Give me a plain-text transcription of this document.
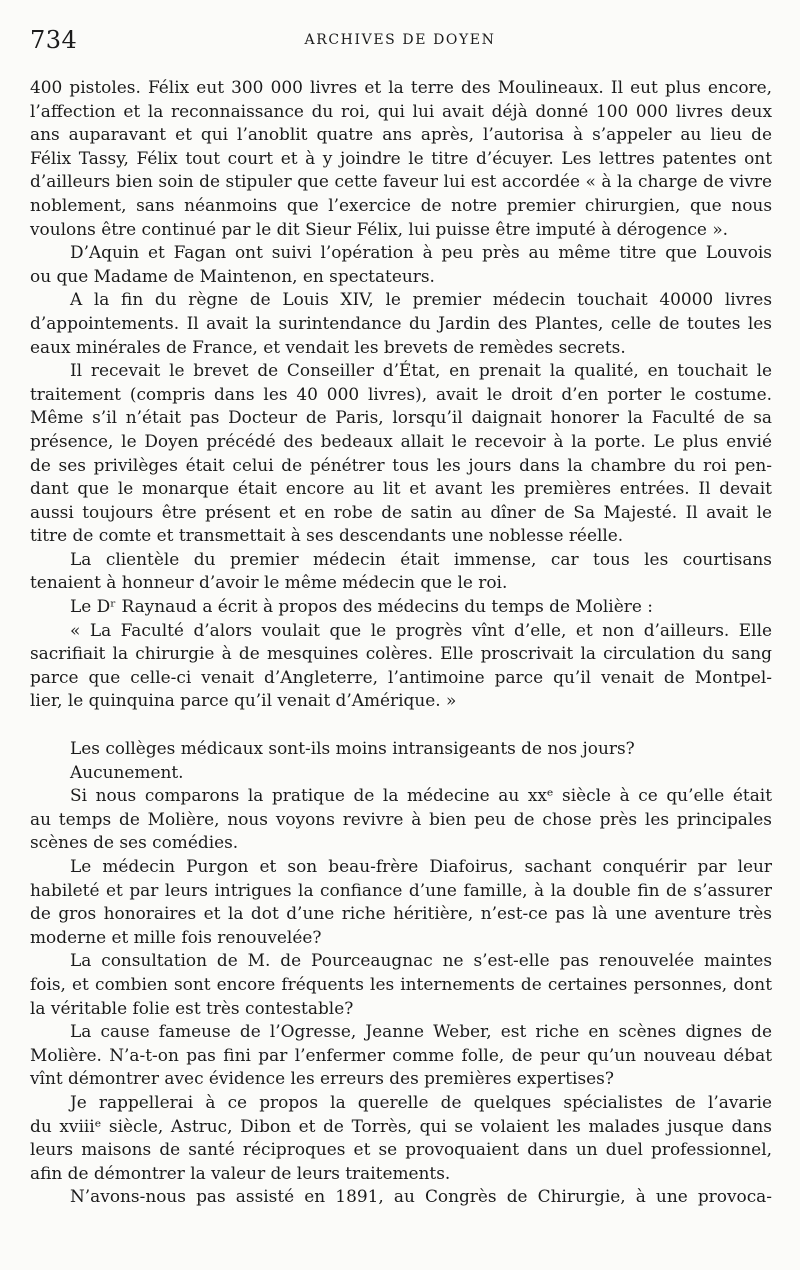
734	ARCHIVES DE DOYEN
400 pistoles. Félix eut 300 000 livres et la terre des Moulineaux. Il eut plus encore,
l’affection et la reconnaissance du roi, qui lui avait déjà donné 100 000 livres deux
ans auparavant et qui l’anoblit quatre ans après, l’autorisa à s’appeler au lieu de
Félix Tassy, Félix tout court et à y joindre le titre d’écuyer. Les lettres patentes ont
d’ailleurs bien soin de stipuler que cette faveur lui est accordée « à la charge de vivre
noblement, sans néanmoins que l’exercice de notre premier chirurgien, que nous
voulons être continué par le dit Sieur Félix, lui puisse être imputé à dérogence ».
D’Aquin et Fagan ont suivi l’opération à peu près au même titre que Louvois
ou que Madame de Maintenon, en spectateurs.
A la fin du règne de Louis XIV, le premier médecin touchait 40000 livres
d’appointements. Il avait la surintendance du Jardin des Plantes, celle de toutes les
eaux minérales de France, et vendait les brevets de remèdes secrets.
Il recevait le brevet de Conseiller d’État, en prenait la qualité, en touchait le
traitement (compris dans les 40 000 livres), avait le droit d’en porter le costume.
Même s’il n’était pas Docteur de Paris, lorsqu’il daignait honorer la Faculté de sa
présence, le Doyen précédé des bedeaux allait le recevoir à la porte. Le plus envié
de ses privilèges était celui de pénétrer tous les jours dans la chambre du roi pen-
dant que le monarque était encore au lit et avant les premières entrées. Il devait
aussi toujours être présent et en robe de satin au dîner de Sa Majesté. Il avait le
titre de comte et transmettait à ses descendants une noblesse réelle.
La clientèle du premier médecin était immense, car tous les courtisans
tenaient à honneur d’avoir le même médecin que le roi.
Le Dʳ Raynaud a écrit à propos des médecins du temps de Molière :
« La Faculté d’alors voulait que le progrès vînt d’elle, et non d’ailleurs. Elle
sacrifiait la chirurgie à de mesquines colères. Elle proscrivait la circulation du sang
parce que celle-ci venait d’Angleterre, l’antimoine parce qu’il venait de Montpel-
lier, le quinquina parce qu’il venait d’Amérique. »
Les collèges médicaux sont-ils moins intransigeants de nos jours?
Aucunement.
Si nous comparons la pratique de la médecine au xxᵉ siècle à ce qu’elle était
au temps de Molière, nous voyons revivre à bien peu de chose près les principales
scènes de ses comédies.
Le médecin Purgon et son beau-frère Diafoirus, sachant conquérir par leur
habileté et par leurs intrigues la confiance d’une famille, à la double fin de s’assurer
de gros honoraires et la dot d’une riche héritière, n’est-ce pas là une aventure très
moderne et mille fois renouvelée?
La consultation de M. de Pourceaugnac ne s’est-elle pas renouvelée maintes
fois, et combien sont encore fréquents les internements de certaines personnes, dont
la véritable folie est très contestable?
La cause fameuse de l’Ogresse, Jeanne Weber, est riche en scènes dignes de
Molière. N’a-t-on pas fini par l’enfermer comme folle, de peur qu’un nouveau débat
vînt démontrer avec évidence les erreurs des premières expertises?
Je rappellerai à ce propos la querelle de quelques spécialistes de l’avarie
du xviiiᵉ siècle, Astruc, Dibon et de Torrès, qui se volaient les malades jusque dans
leurs maisons de santé réciproques et se provoquaient dans un duel professionnel,
afin de démontrer la valeur de leurs traitements.
N’avons-nous pas assisté en 1891, au Congrès de Chirurgie, à une provoca-
